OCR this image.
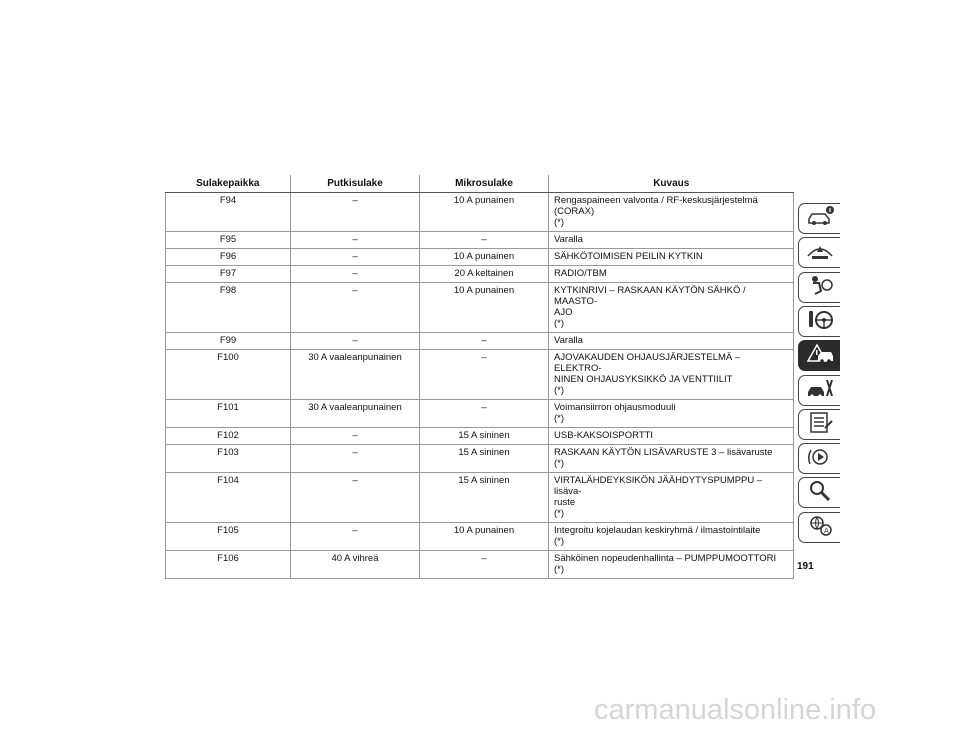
Sulakepaikka	Putkisulake	Mikrosulake	Kuvaus
F94	–	10 A punainen	Rengaspaineen valvonta / RF-keskusjärjestelmä
(CORAX)
(*)
F95	–	–	Varalla
F96	–	10 A punainen	SÄHKÖTOIMISEN PEILIN KYTKIN
F97	–	20 A keltainen	RADIO/TBM
F98	–	10 A punainen	KYTKINRIVI – RASKAAN KÄYTÖN SÄHKÖ / MAASTO-
AJO
(*)
F99	–	–	Varalla
F100	30 A vaaleanpunainen	–	AJOVAKAUDEN OHJAUSJÄRJESTELMÄ – ELEKTRO-
NINEN OHJAUSYKSIKKÖ JA VENTTIILIT
(*)
F101	30 A vaaleanpunainen	–	Voimansiirron ohjausmoduuli
(*)
F102	–	15 A sininen	USB-KAKSOISPORTTI
F103	–	15 A sininen	RASKAAN KÄYTÖN LISÄVARUSTE 3 – lisävaruste
(*)
F104	–	15 A sininen	VIRTALÄHDEYKSIKÖN JÄÄHDYTYSPUMPPU – lisäva-
ruste
(*)
F105	–	10 A punainen	Integroitu kojelaudan keskiryhmä / ilmastointilaite
(*)
F106	40 A vihreä	–	Sähköinen nopeudenhallinta – PUMPPUMOOTTORI
(*)
A
191
carmanualsonline.info
